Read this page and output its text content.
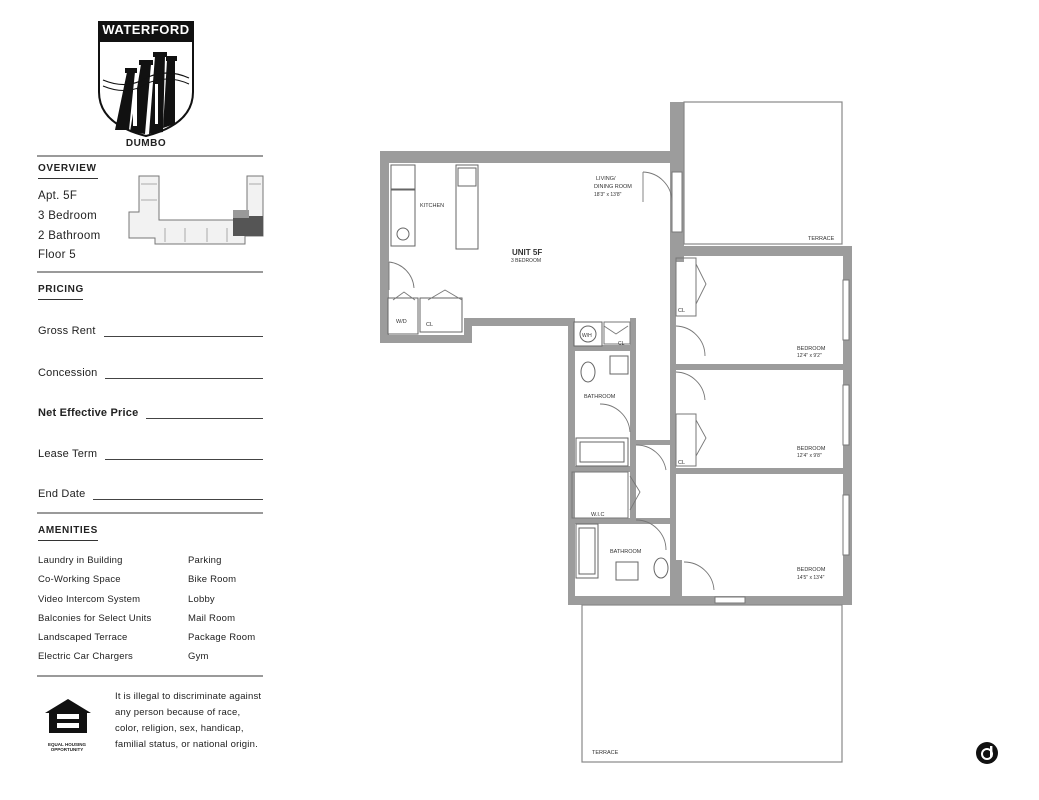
WATERFORD
DUMBO
OVERVIEW
Apt. 5F
3 Bedroom
2 Bathroom
Floor 5
PRICING
Gross Rent
Concession
Net Effective Price
Lease Term
End Date
AMENITIES
Laundry in Building
Co-Working Space
Video Intercom System
Balconies for Select Units
Landscaped Terrace
Electric Car Chargers
Parking
Bike Room
Lobby
Mail Room
Package Room
Gym
EQUAL HOUSING OPPORTUNITY
It is illegal to discriminate against any person because of race, color, religion, sex, handicap, familial status, or national origin.
UNIT 5F
3 BEDROOM
KITCHEN
LIVING/
DINING ROOM
18'3" x 13'8"
TERRACE
TERRACE
BEDROOM
12'4" x 9'2"
BEDROOM
12'4" x 9'8"
BEDROOM
14'5" x 13'4"
BATHROOM
BATHROOM
W.I.C
W/D
W/H
CL
CL
CL
CL
